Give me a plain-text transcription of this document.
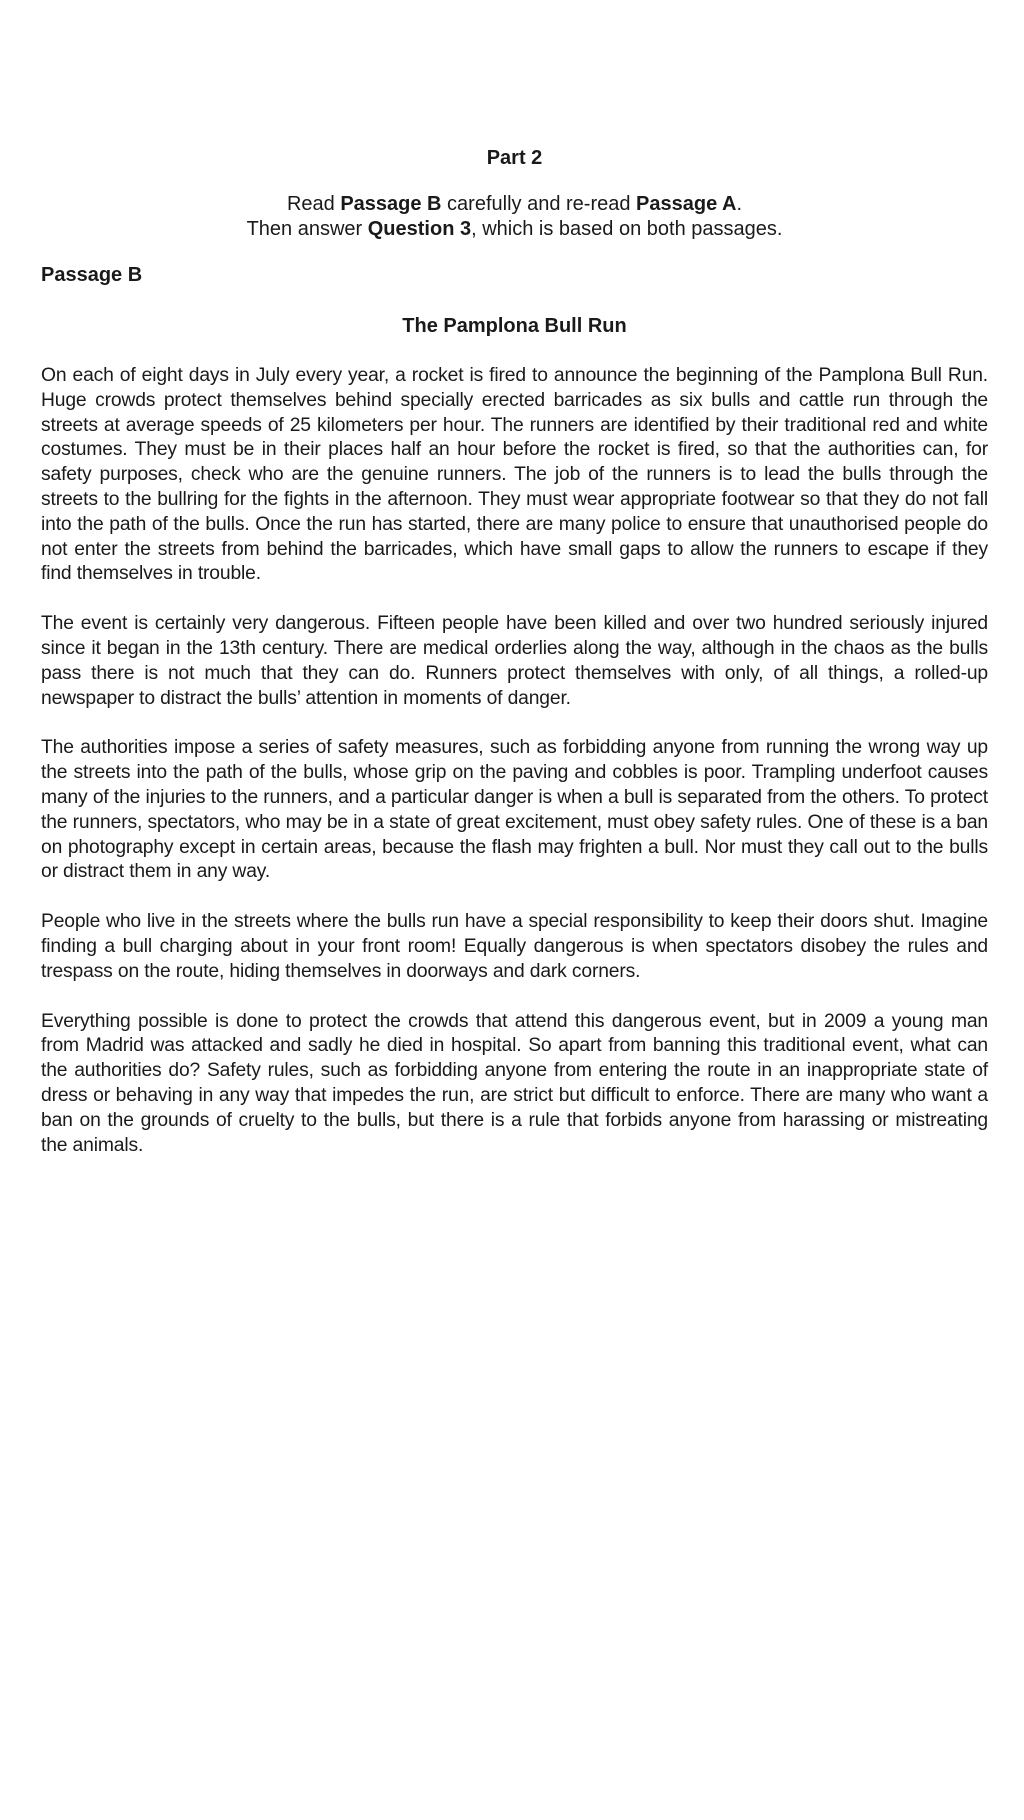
Part 2

Read Passage B carefully and re-read Passage A.

Then answer Question 3, which is based on both passages.

Passage B
The Pamplona Bull Run

On each of eight days in July every year, a rocket is fired to announce the beginning of the Pamplona Bull Run. Huge crowds protect themselves behind specially erected barricades as six bulls and cattle run through the streets at average speeds of 25 kilometers per hour. The runners are identified by their traditional red and white costumes. They must be in their places half an hour before the rocket is fired, so that the authorities can, for safety purposes, check who are the genuine runners. The job of the runners is to lead the bulls through the streets to the bullring for the fights in the afternoon. They must wear appropriate footwear so that they do not fall into the path of the bulls. Once the run has started, there are many police to ensure that unauthorised people do not enter the streets from behind the barricades, which have small gaps to allow the runners to escape if they find themselves in trouble.

The event is certainly very dangerous. Fifteen people have been killed and over two hundred seriously injured since it began in the 13th century. There are medical orderlies along the way, although in the chaos as the bulls pass there is not much that they can do. Runners protect themselves with only, of all things, a rolled-up newspaper to distract the bulls’ attention in moments of danger.

The authorities impose a series of safety measures, such as forbidding anyone from running the wrong way up the streets into the path of the bulls, whose grip on the paving and cobbles is poor. Trampling underfoot causes many of the injuries to the runners, and a particular danger is when a bull is separated from the others. To protect the runners, spectators, who may be in a state of great excitement, must obey safety rules. One of these is a ban on photography except in certain areas, because the flash may frighten a bull. Nor must they call out to the bulls or distract them in any way.

People who live in the streets where the bulls run have a special responsibility to keep their doors shut. Imagine finding a bull charging about in your front room! Equally dangerous is when spectators disobey the rules and trespass on the route, hiding themselves in doorways and dark corners.

Everything possible is done to protect the crowds that attend this dangerous event, but in 2009 a young man from Madrid was attacked and sadly he died in hospital. So apart from banning this traditional event, what can the authorities do? Safety rules, such as forbidding anyone from entering the route in an inappropriate state of dress or behaving in any way that impedes the run, are strict but difficult to enforce. There are many who want a ban on the grounds of cruelty to the bulls, but there is a rule that forbids anyone from harassing or mistreating the animals.
